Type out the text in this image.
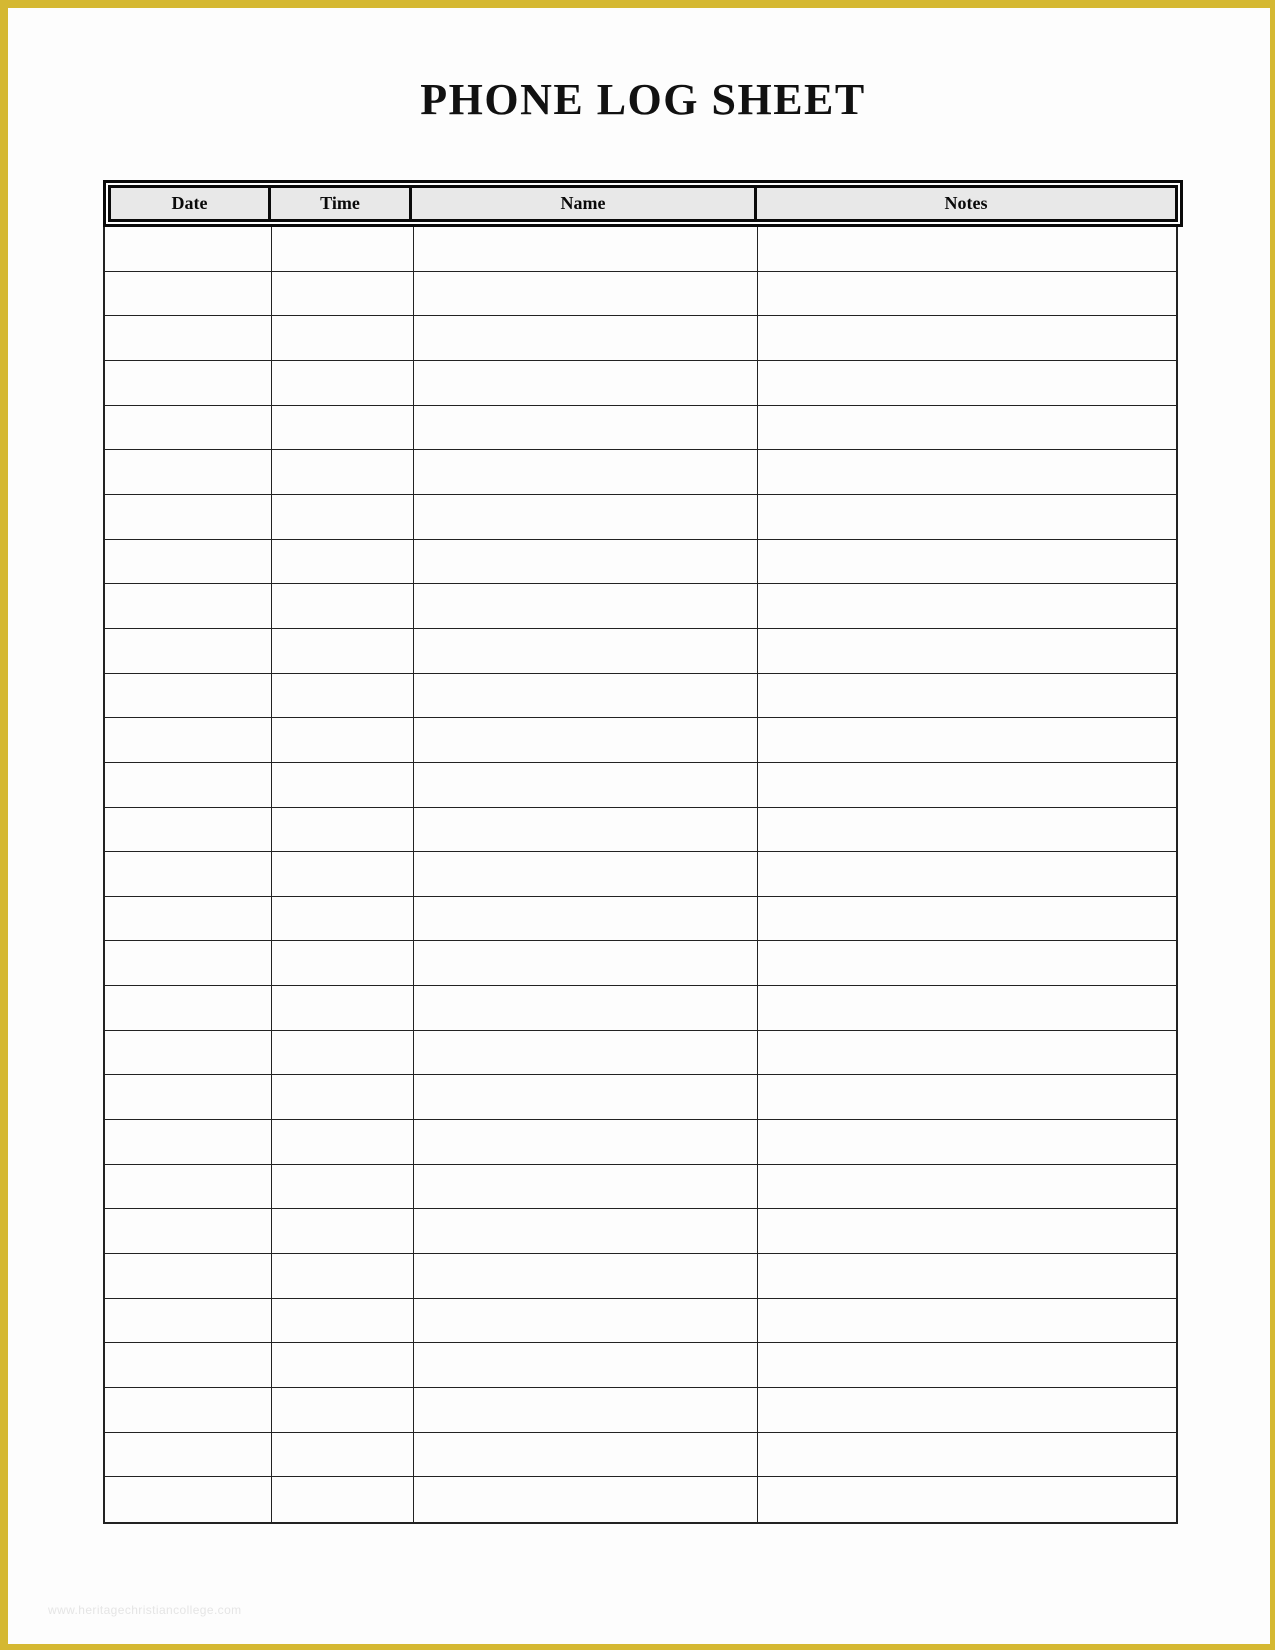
PHONE LOG SHEET
Date	Time	Name	Notes
www.heritagechristiancollege.com
